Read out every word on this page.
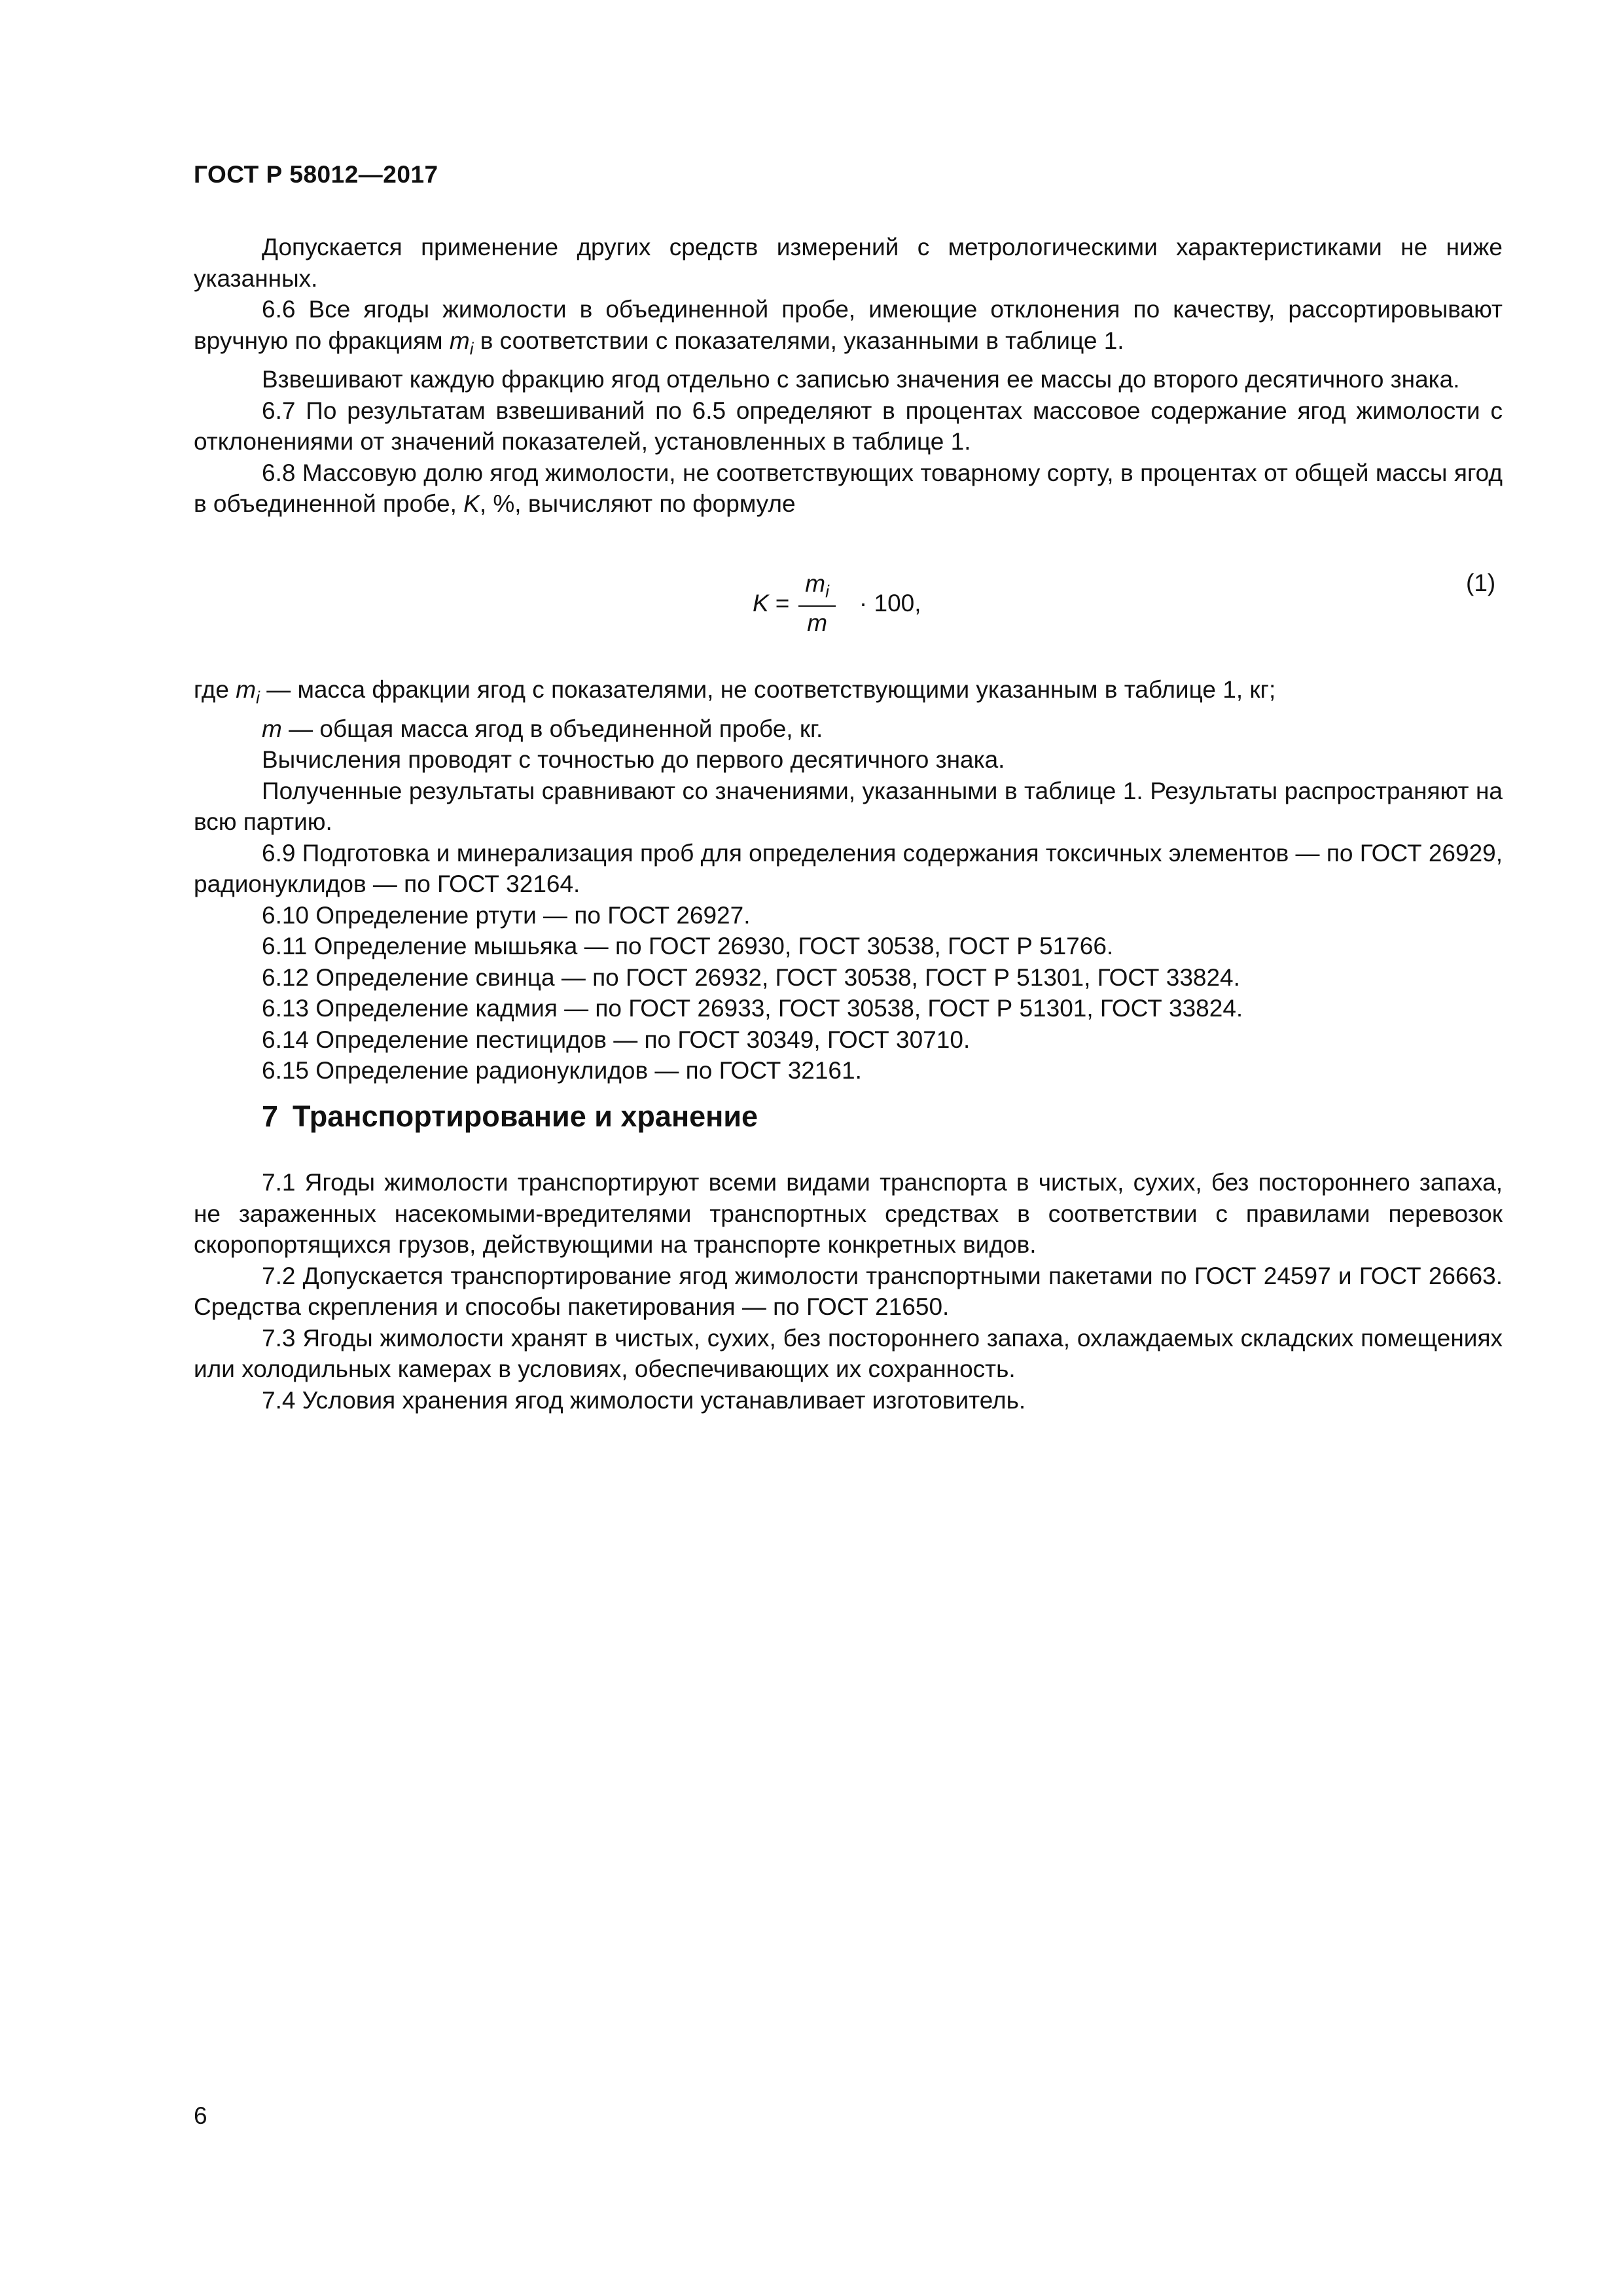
ГОСТ Р 58012—2017

Допускается применение других средств измерений с метрологическими характеристиками не ниже указанных.

6.6 Все ягоды жимолости в объединенной пробе, имеющие отклонения по качеству, рассортировывают вручную по фракциям $m_i$ в соответствии с показателями, указанными в таблице 1.

Взвешивают каждую фракцию ягод отдельно с записью значения ее массы до второго десятичного знака.

6.7 По результатам взвешиваний по 6.5 определяют в процентах массовое содержание ягод жимолости с отклонениями от значений показателей, установленных в таблице 1.

6.8 Массовую долю ягод жимолости, не соответствующих товарному сорту, в процентах от общей массы ягод в объединенной пробе, K, %, вычисляют по формуле

$K = \frac{m_i}{m} \cdot 100$,
(1)

где $m_i$ — масса фракции ягод с показателями, не соответствующими указанным в таблице 1, кг;

m — общая масса ягод в объединенной пробе, кг.

Вычисления проводят с точностью до первого десятичного знака.

Полученные результаты сравнивают со значениями, указанными в таблице 1. Результаты распространяют на всю партию.

6.9 Подготовка и минерализация проб для определения содержания токсичных элементов — по ГОСТ 26929, радионуклидов — по ГОСТ 32164.

6.10 Определение ртути — по ГОСТ 26927.

6.11 Определение мышьяка — по ГОСТ 26930, ГОСТ 30538, ГОСТ Р 51766.

6.12 Определение свинца — по ГОСТ 26932, ГОСТ 30538, ГОСТ Р 51301, ГОСТ 33824.

6.13 Определение кадмия — по ГОСТ 26933, ГОСТ 30538, ГОСТ Р 51301, ГОСТ 33824.

6.14 Определение пестицидов — по ГОСТ 30349, ГОСТ 30710.

6.15 Определение радионуклидов — по ГОСТ 32161.

7 Транспортирование и хранение

7.1 Ягоды жимолости транспортируют всеми видами транспорта в чистых, сухих, без постороннего запаха, не зараженных насекомыми-вредителями транспортных средствах в соответствии с правилами перевозок скоропортящихся грузов, действующими на транспорте конкретных видов.

7.2 Допускается транспортирование ягод жимолости транспортными пакетами по ГОСТ 24597 и ГОСТ 26663. Средства скрепления и способы пакетирования — по ГОСТ 21650.

7.3 Ягоды жимолости хранят в чистых, сухих, без постороннего запаха, охлаждаемых складских помещениях или холодильных камерах в условиях, обеспечивающих их сохранность.

7.4 Условия хранения ягод жимолости устанавливает изготовитель.

6
